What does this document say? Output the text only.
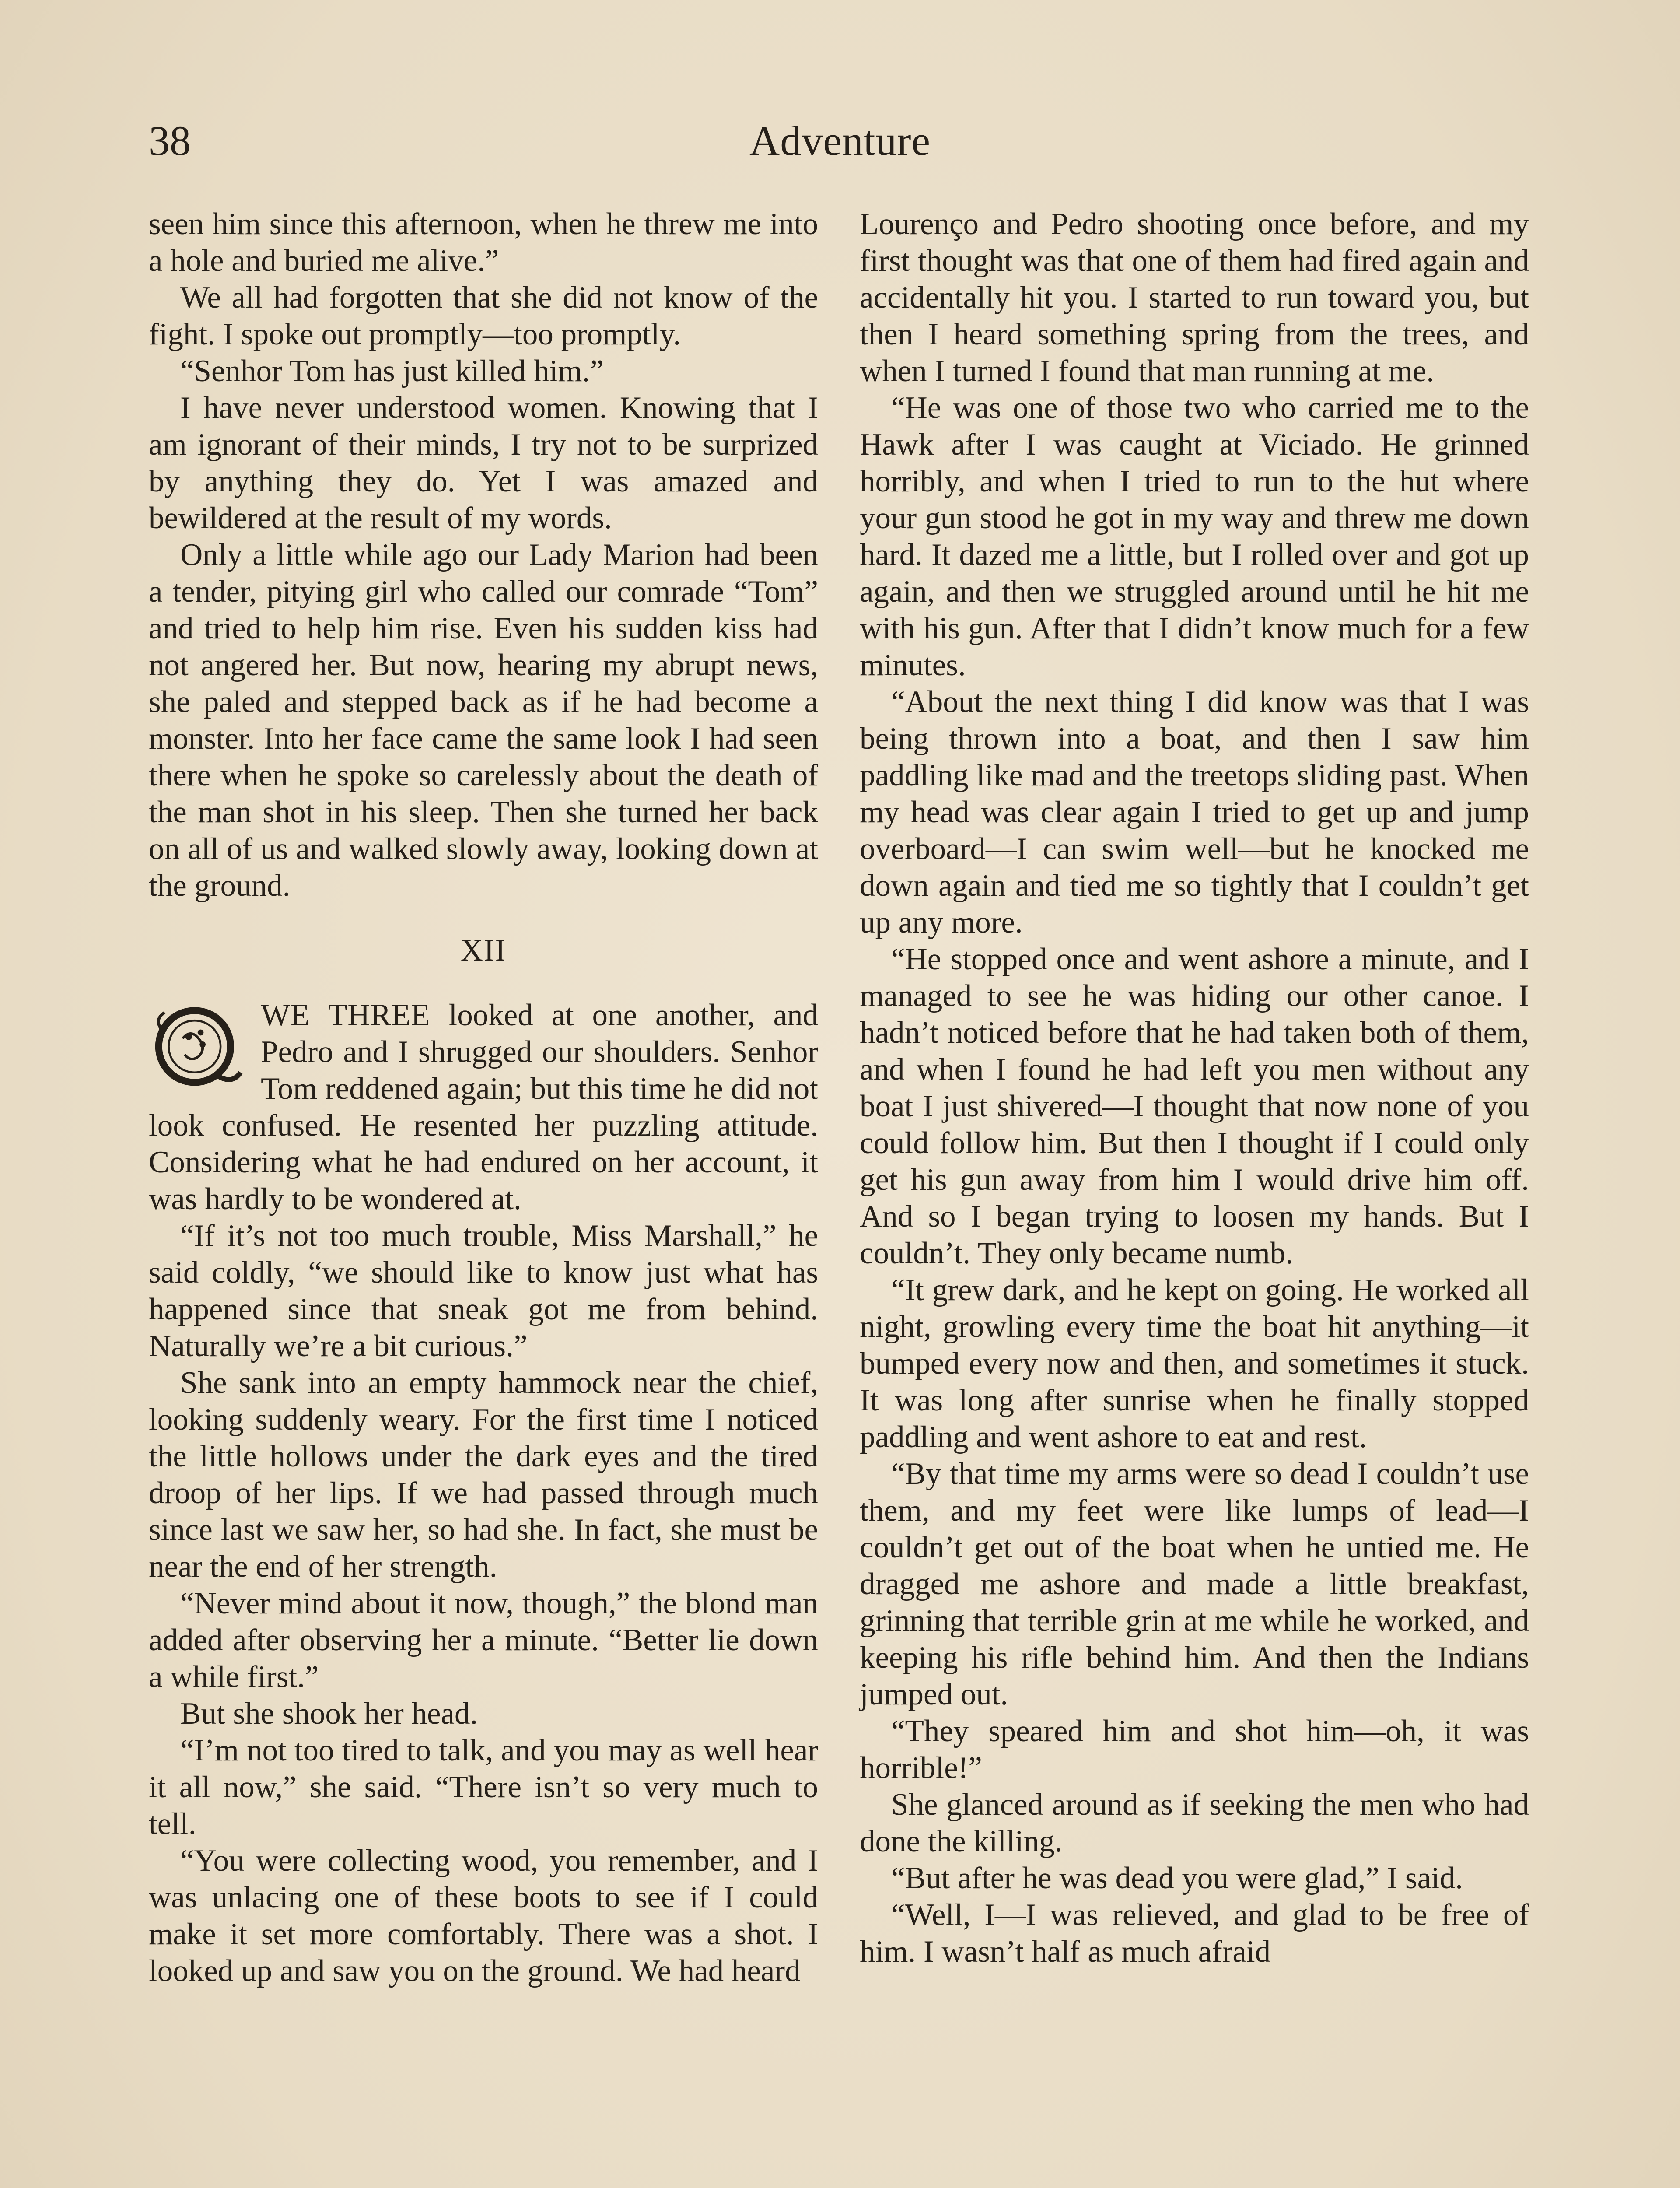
38	Adventure

seen him since this afternoon, when he threw me into a hole and buried me alive.”

We all had forgotten that she did not know of the fight. I spoke out promptly—too promptly.

“Senhor Tom has just killed him.”

I have never understood women. Knowing that I am ignorant of their minds, I try not to be surprized by anything they do. Yet I was amazed and bewildered at the result of my words.

Only a little while ago our Lady Marion had been a tender, pitying girl who called our comrade “Tom” and tried to help him rise. Even his sudden kiss had not angered her. But now, hearing my abrupt news, she paled and stepped back as if he had become a monster. Into her face came the same look I had seen there when he spoke so carelessly about the death of the man shot in his sleep. Then she turned her back on all of us and walked slowly away, looking down at the ground.

XII

WE THREE looked at one another, and Pedro and I shrugged our shoulders. Senhor Tom reddened again; but this time he did not look confused. He resented her puzzling attitude. Considering what he had endured on her account, it was hardly to be wondered at.

“If it’s not too much trouble, Miss Marshall,” he said coldly, “we should like to know just what has happened since that sneak got me from behind. Naturally we’re a bit curious.”

She sank into an empty hammock near the chief, looking suddenly weary. For the first time I noticed the little hollows under the dark eyes and the tired droop of her lips. If we had passed through much since last we saw her, so had she. In fact, she must be near the end of her strength.

“Never mind about it now, though,” the blond man added after observing her a minute. “Better lie down a while first.”

But she shook her head.

“I’m not too tired to talk, and you may as well hear it all now,” she said. “There isn’t so very much to tell.

“You were collecting wood, you remember, and I was unlacing one of these boots to see if I could make it set more comfortably. There was a shot. I looked up and saw you on the ground. We had heard

Lourenço and Pedro shooting once before, and my first thought was that one of them had fired again and accidentally hit you. I started to run toward you, but then I heard something spring from the trees, and when I turned I found that man running at me.

“He was one of those two who carried me to the Hawk after I was caught at Viciado. He grinned horribly, and when I tried to run to the hut where your gun stood he got in my way and threw me down hard. It dazed me a little, but I rolled over and got up again, and then we struggled around until he hit me with his gun. After that I didn’t know much for a few minutes.

“About the next thing I did know was that I was being thrown into a boat, and then I saw him paddling like mad and the treetops sliding past. When my head was clear again I tried to get up and jump overboard—I can swim well—but he knocked me down again and tied me so tightly that I couldn’t get up any more.

“He stopped once and went ashore a minute, and I managed to see he was hiding our other canoe. I hadn’t noticed before that he had taken both of them, and when I found he had left you men without any boat I just shivered—I thought that now none of you could follow him. But then I thought if I could only get his gun away from him I would drive him off. And so I began trying to loosen my hands. But I couldn’t. They only became numb.

“It grew dark, and he kept on going. He worked all night, growling every time the boat hit anything—it bumped every now and then, and sometimes it stuck. It was long after sunrise when he finally stopped paddling and went ashore to eat and rest.

“By that time my arms were so dead I couldn’t use them, and my feet were like lumps of lead—I couldn’t get out of the boat when he untied me. He dragged me ashore and made a little breakfast, grinning that terrible grin at me while he worked, and keeping his rifle behind him. And then the Indians jumped out.

“They speared him and shot him—oh, it was horrible!”

She glanced around as if seeking the men who had done the killing.

“But after he was dead you were glad,” I said.

“Well, I—I was relieved, and glad to be free of him. I wasn’t half as much afraid
